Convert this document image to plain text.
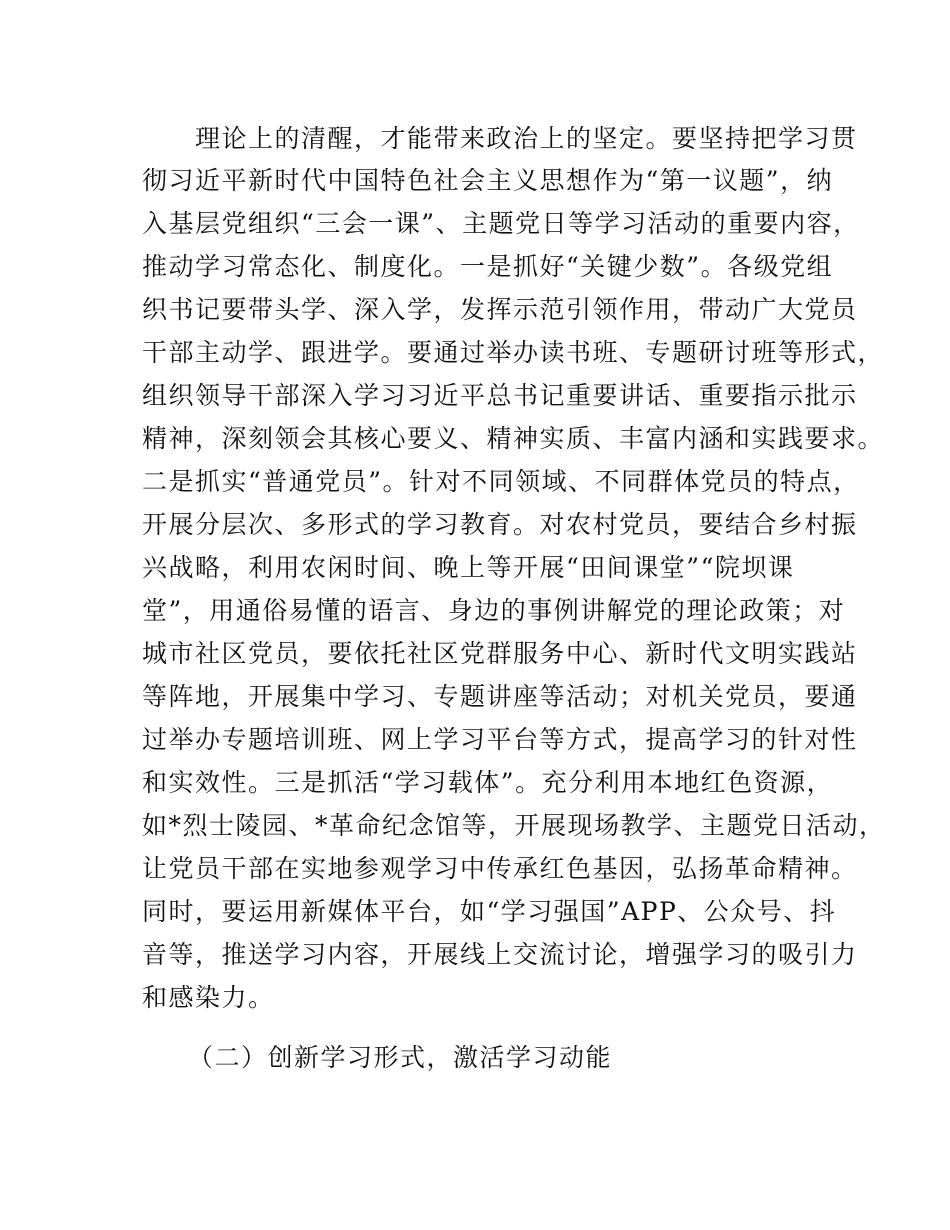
　　理论上的清醒，才能带来政治上的坚定。要坚持把学习贯
彻习近平新时代中国特色社会主义思想作为“第一议题”，纳
入基层党组织“三会一课”、主题党日等学习活动的重要内容，
推动学习常态化、制度化。一是抓好“关键少数”。各级党组
织书记要带头学、深入学，发挥示范引领作用，带动广大党员
干部主动学、跟进学。要通过举办读书班、专题研讨班等形式，
组织领导干部深入学习习近平总书记重要讲话、重要指示批示
精神，深刻领会其核心要义、精神实质、丰富内涵和实践要求。
二是抓实“普通党员”。针对不同领域、不同群体党员的特点，
开展分层次、多形式的学习教育。对农村党员，要结合乡村振
兴战略，利用农闲时间、晚上等开展“田间课堂”“院坝课
堂”，用通俗易懂的语言、身边的事例讲解党的理论政策；对
城市社区党员，要依托社区党群服务中心、新时代文明实践站
等阵地，开展集中学习、专题讲座等活动；对机关党员，要通
过举办专题培训班、网上学习平台等方式，提高学习的针对性
和实效性。三是抓活“学习载体”。充分利用本地红色资源，
如*烈士陵园、*革命纪念馆等，开展现场教学、主题党日活动，
让党员干部在实地参观学习中传承红色基因，弘扬革命精神。
同时，要运用新媒体平台，如“学习强国”APP、公众号、抖
音等，推送学习内容，开展线上交流讨论，增强学习的吸引力
和感染力。
（二）创新学习形式，激活学习动能
